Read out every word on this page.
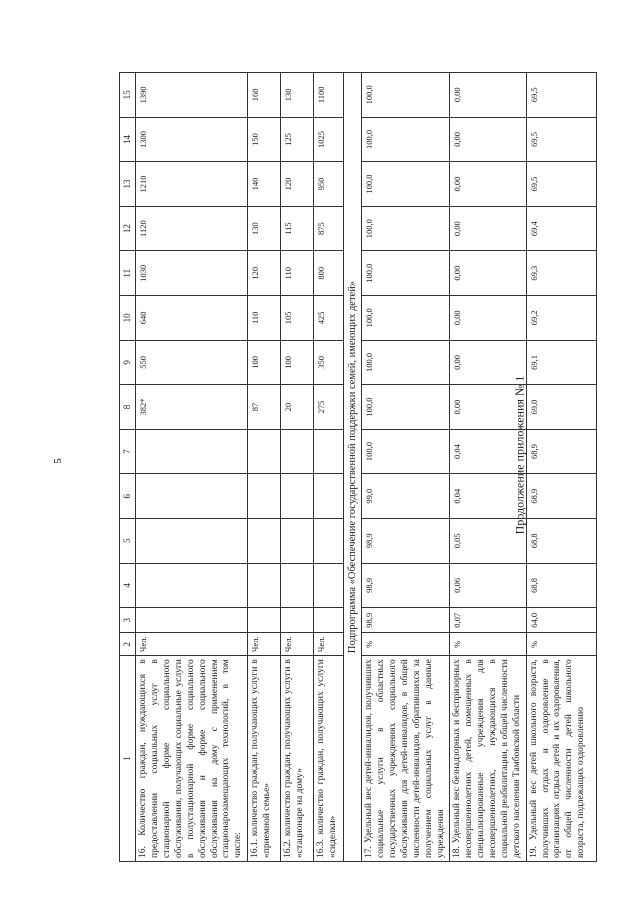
5	Продолжение приложения № 1
1	2	3	4	5	6	7	8	9	10	11	12	13	14	15
16. Количество граждан, нуждающихся в предоставлении социальных услуг в стационарной форме социального обслуживания, получающих социальные услуги в полустационарной форме социального обслуживания и форме социального обслуживания на дому с применением стационарозамещающих технологий, в том числе:	Чел.						382*	550	640	1030	1120	1210	1300	1390
16.1. количество граждан, получающих услуги в «приемной семье»	Чел.						87	100	110	120	130	140	150	160
16.2. количество граждан, получающих услуги в «стационаре на дому»	Чел.						20	100	105	110	115	120	125	130
16.3. количество граждан, получающих услуги «сиделки»	Чел.						275	350	425	800	875	950	1025	1100
Подпрограмма «Обеспечение государственной поддержки семей, имеющих детей»														
17. Удельный вес детей-инвалидов, получивших социальные услуги в областных государственных учреждениях социального обслуживания для детей-инвалидов, в общей численности детей-инвалидов, обратившихся за получением социальных услуг в данные учреждения	%	98,9	98,9	98,9	99,0	100,0	100,0	100,0	100,0	100,0	100,0	100,0	100,0	100,0
18. Удельный вес безнадзорных и беспризорных несовершеннолетних детей, помещенных в специализированные учреждения для несовершеннолетних, нуждающихся в социальной реабилитации, в общей численности детского населения Тамбовской области	%	0,07	0,06	0,05	0,04	0,04	0,00	0,00	0,00	0,00	0,00	0,00	0,00	0,00
19. Удельный вес детей школьного возраста, получивших отдых и оздоровление в организациях отдыха детей и их оздоровления, от общей численности детей школьного возраста, подлежащих оздоровлению	%	64,0	68,8	68,8	68,9	68,9	69,0	69,1	69,2	69,3	69,4	69,5	69,5	69,5
